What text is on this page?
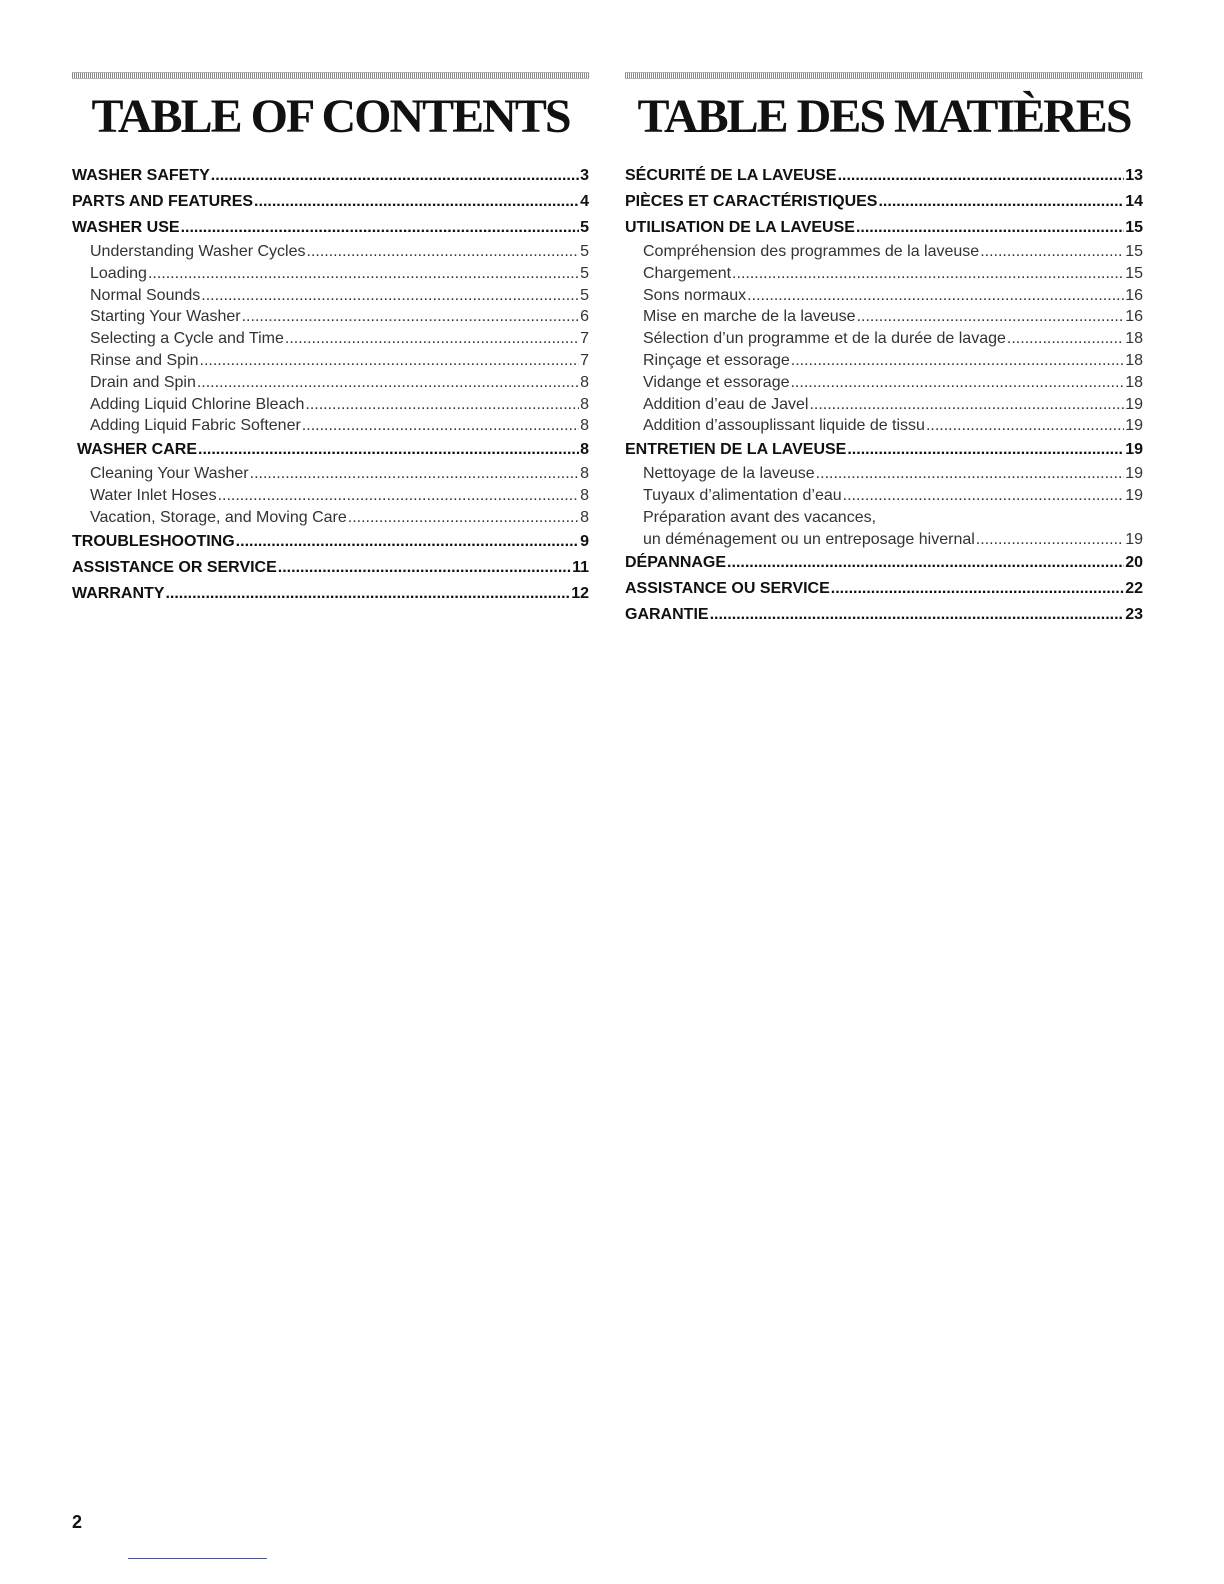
TABLE OF CONTENTS
WASHER SAFETY .....	3
PARTS AND FEATURES .....	4
WASHER USE .....	5
Understanding Washer Cycles .....	5
Loading .....	5
Normal Sounds .....	5
Starting Your Washer .....	6
Selecting a Cycle and Time .....	7
Rinse and Spin .....	7
Drain and Spin .....	8
Adding Liquid Chlorine Bleach .....	8
Adding Liquid Fabric Softener .....	8
WASHER CARE .....	8
Cleaning Your Washer .....	8
Water Inlet Hoses .....	8
Vacation, Storage, and Moving Care .....	8
TROUBLESHOOTING .....	9
ASSISTANCE OR SERVICE .....	11
WARRANTY .....	12
TABLE DES MATIÈRES
SÉCURITÉ DE LA LAVEUSE .....	13
PIÈCES ET CARACTÉRISTIQUES .....	14
UTILISATION DE LA LAVEUSE .....	15
Compréhension des programmes de la laveuse .....	15
Chargement .....	15
Sons normaux .....	16
Mise en marche de la laveuse .....	16
Sélection d’un programme et de la durée de lavage .....	18
Rinçage et essorage .....	18
Vidange et essorage .....	18
Addition d’eau de Javel .....	19
Addition d’assouplissant liquide de tissu .....	19
ENTRETIEN DE LA LAVEUSE .....	19
Nettoyage de la laveuse .....	19
Tuyaux d’alimentation d’eau .....	19
Préparation avant des vacances,
un déménagement ou un entreposage hivernal .....	19
DÉPANNAGE .....	20
ASSISTANCE OU SERVICE .....	22
GARANTIE .....	23
2
